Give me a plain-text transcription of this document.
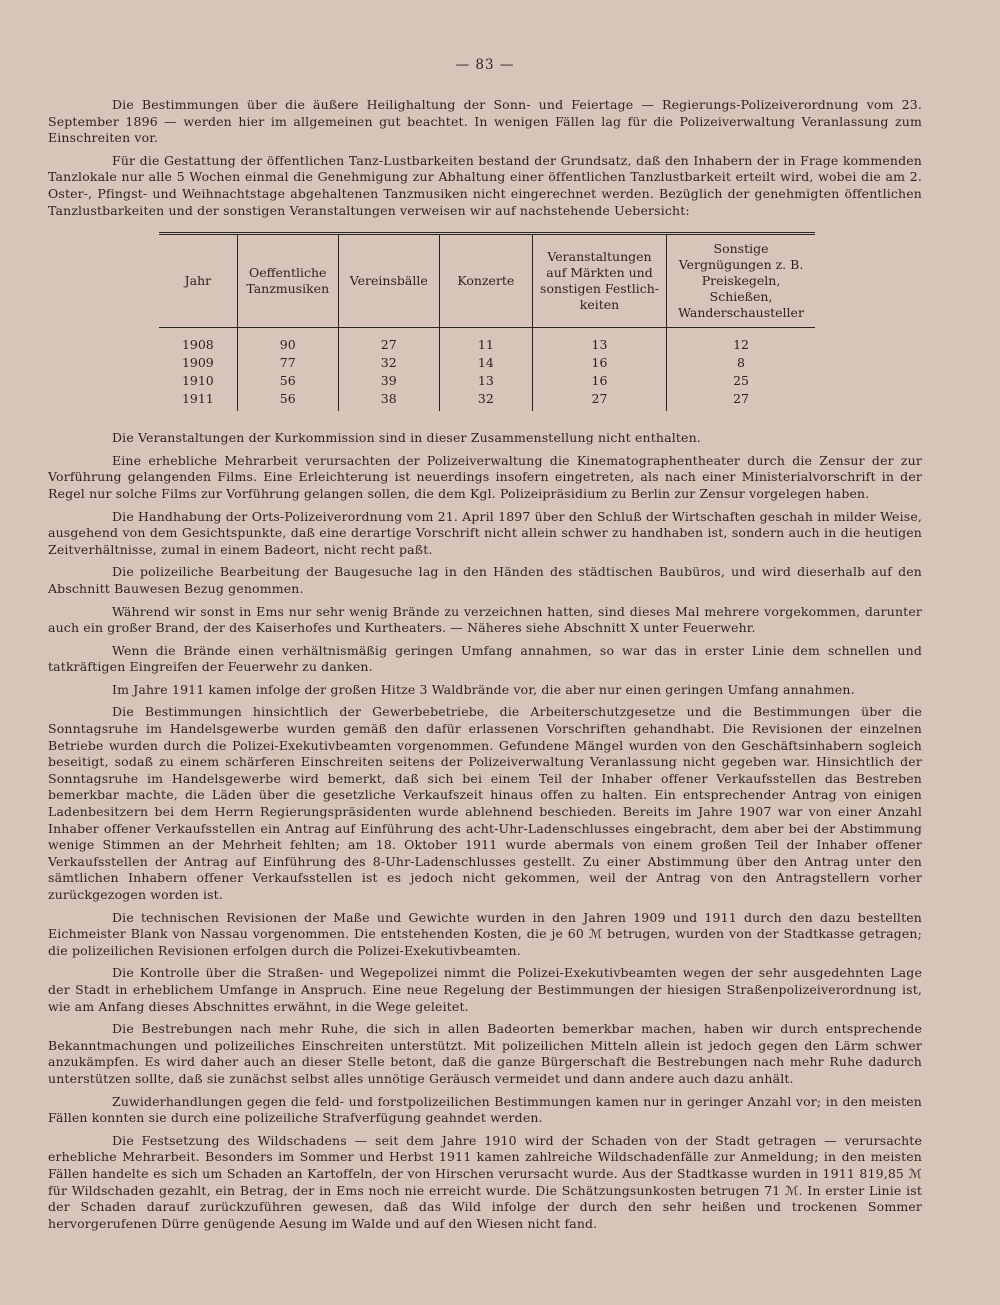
— 83 —

Die Bestimmungen über die äußere Heilighaltung der Sonn- und Feiertage — Regierungs-Polizeiverordnung vom 23. September 1896 — werden hier im allgemeinen gut beachtet. In wenigen Fällen lag für die Polizeiverwaltung Veranlassung zum Einschreiten vor.

Für die Gestattung der öffentlichen Tanz-Lustbarkeiten bestand der Grundsatz, daß den Inhabern der in Frage kommenden Tanzlokale nur alle 5 Wochen einmal die Genehmigung zur Abhaltung einer öffentlichen Tanzlustbarkeit erteilt wird, wobei die am 2. Oster-, Pfingst- und Weihnachtstage abgehaltenen Tanzmusiken nicht eingerechnet werden. Bezüglich der genehmigten öffentlichen Tanzlustbarkeiten und der sonstigen Veranstaltungen verweisen wir auf nachstehende Uebersicht:

Jahr	Oeffentliche Tanzmusiken	Vereinsbälle	Konzerte	Veranstaltungen auf Märkten und sonstigen Festlich-keiten	Sonstige Vergnügungen z. B. Preiskegeln, Schießen, Wanderschausteller
1908	90	27	11	13	12
1909	77	32	14	16	8
1910	56	39	13	16	25
1911	56	38	32	27	27

Die Veranstaltungen der Kurkommission sind in dieser Zusammenstellung nicht enthalten.

Eine erhebliche Mehrarbeit verursachten der Polizeiverwaltung die Kinematographentheater durch die Zensur der zur Vorführung gelangenden Films. Eine Erleichterung ist neuerdings insofern eingetreten, als nach einer Ministerialvorschrift in der Regel nur solche Films zur Vorführung gelangen sollen, die dem Kgl. Polizeipräsidium zu Berlin zur Zensur vorgelegen haben.

Die Handhabung der Orts-Polizeiverordnung vom 21. April 1897 über den Schluß der Wirtschaften geschah in milder Weise, ausgehend von dem Gesichtspunkte, daß eine derartige Vorschrift nicht allein schwer zu handhaben ist, sondern auch in die heutigen Zeitverhältnisse, zumal in einem Badeort, nicht recht paßt.

Die polizeiliche Bearbeitung der Baugesuche lag in den Händen des städtischen Baubüros, und wird dieserhalb auf den Abschnitt Bauwesen Bezug genommen.

Während wir sonst in Ems nur sehr wenig Brände zu verzeichnen hatten, sind dieses Mal mehrere vorgekommen, darunter auch ein großer Brand, der des Kaiserhofes und Kurtheaters. — Näheres siehe Abschnitt X unter Feuerwehr.

Wenn die Brände einen verhältnismäßig geringen Umfang annahmen, so war das in erster Linie dem schnellen und tatkräftigen Eingreifen der Feuerwehr zu danken.

Im Jahre 1911 kamen infolge der großen Hitze 3 Waldbrände vor, die aber nur einen geringen Umfang annahmen.

Die Bestimmungen hinsichtlich der Gewerbebetriebe, die Arbeiterschutzgesetze und die Bestimmungen über die Sonntagsruhe im Handelsgewerbe wurden gemäß den dafür erlassenen Vorschriften gehandhabt. Die Revisionen der einzelnen Betriebe wurden durch die Polizei-Exekutivbeamten vorgenommen. Gefundene Mängel wurden von den Geschäftsinhabern sogleich beseitigt, sodaß zu einem schärferen Einschreiten seitens der Polizeiverwaltung Veranlassung nicht gegeben war. Hinsichtlich der Sonntagsruhe im Handelsgewerbe wird bemerkt, daß sich bei einem Teil der Inhaber offener Verkaufsstellen das Bestreben bemerkbar machte, die Läden über die gesetzliche Verkaufszeit hinaus offen zu halten. Ein entsprechender Antrag von einigen Ladenbesitzern bei dem Herrn Regierungspräsidenten wurde ablehnend beschieden. Bereits im Jahre 1907 war von einer Anzahl Inhaber offener Verkaufsstellen ein Antrag auf Einführung des acht-Uhr-Ladenschlusses eingebracht, dem aber bei der Abstimmung wenige Stimmen an der Mehrheit fehlten; am 18. Oktober 1911 wurde abermals von einem großen Teil der Inhaber offener Verkaufsstellen der Antrag auf Einführung des 8-Uhr-Ladenschlusses gestellt. Zu einer Abstimmung über den Antrag unter den sämtlichen Inhabern offener Verkaufsstellen ist es jedoch nicht gekommen, weil der Antrag von den Antragstellern vorher zurückgezogen worden ist.

Die technischen Revisionen der Maße und Gewichte wurden in den Jahren 1909 und 1911 durch den dazu bestellten Eichmeister Blank von Nassau vorgenommen. Die entstehenden Kosten, die je 60 ℳ betrugen, wurden von der Stadtkasse getragen; die polizeilichen Revisionen erfolgen durch die Polizei-Exekutivbeamten.

Die Kontrolle über die Straßen- und Wegepolizei nimmt die Polizei-Exekutivbeamten wegen der sehr ausgedehnten Lage der Stadt in erheblichem Umfange in Anspruch. Eine neue Regelung der Bestimmungen der hiesigen Straßenpolizeiverordnung ist, wie am Anfang dieses Abschnittes erwähnt, in die Wege geleitet.

Die Bestrebungen nach mehr Ruhe, die sich in allen Badeorten bemerkbar machen, haben wir durch entsprechende Bekanntmachungen und polizeiliches Einschreiten unterstützt. Mit polizeilichen Mitteln allein ist jedoch gegen den Lärm schwer anzukämpfen. Es wird daher auch an dieser Stelle betont, daß die ganze Bürgerschaft die Bestrebungen nach mehr Ruhe dadurch unterstützen sollte, daß sie zunächst selbst alles unnötige Geräusch vermeidet und dann andere auch dazu anhält.

Zuwiderhandlungen gegen die feld- und forstpolizeilichen Bestimmungen kamen nur in geringer Anzahl vor; in den meisten Fällen konnten sie durch eine polizeiliche Strafverfügung geahndet werden.

Die Festsetzung des Wildschadens — seit dem Jahre 1910 wird der Schaden von der Stadt getragen — verursachte erhebliche Mehrarbeit. Besonders im Sommer und Herbst 1911 kamen zahlreiche Wildschadenfälle zur Anmeldung; in den meisten Fällen handelte es sich um Schaden an Kartoffeln, der von Hirschen verursacht wurde. Aus der Stadtkasse wurden in 1911 819,85 ℳ für Wildschaden gezahlt, ein Betrag, der in Ems noch nie erreicht wurde. Die Schätzungsunkosten betrugen 71 ℳ. In erster Linie ist der Schaden darauf zurückzuführen gewesen, daß das Wild infolge der durch den sehr heißen und trockenen Sommer hervorgerufenen Dürre genügende Aesung im Walde und auf den Wiesen nicht fand.
